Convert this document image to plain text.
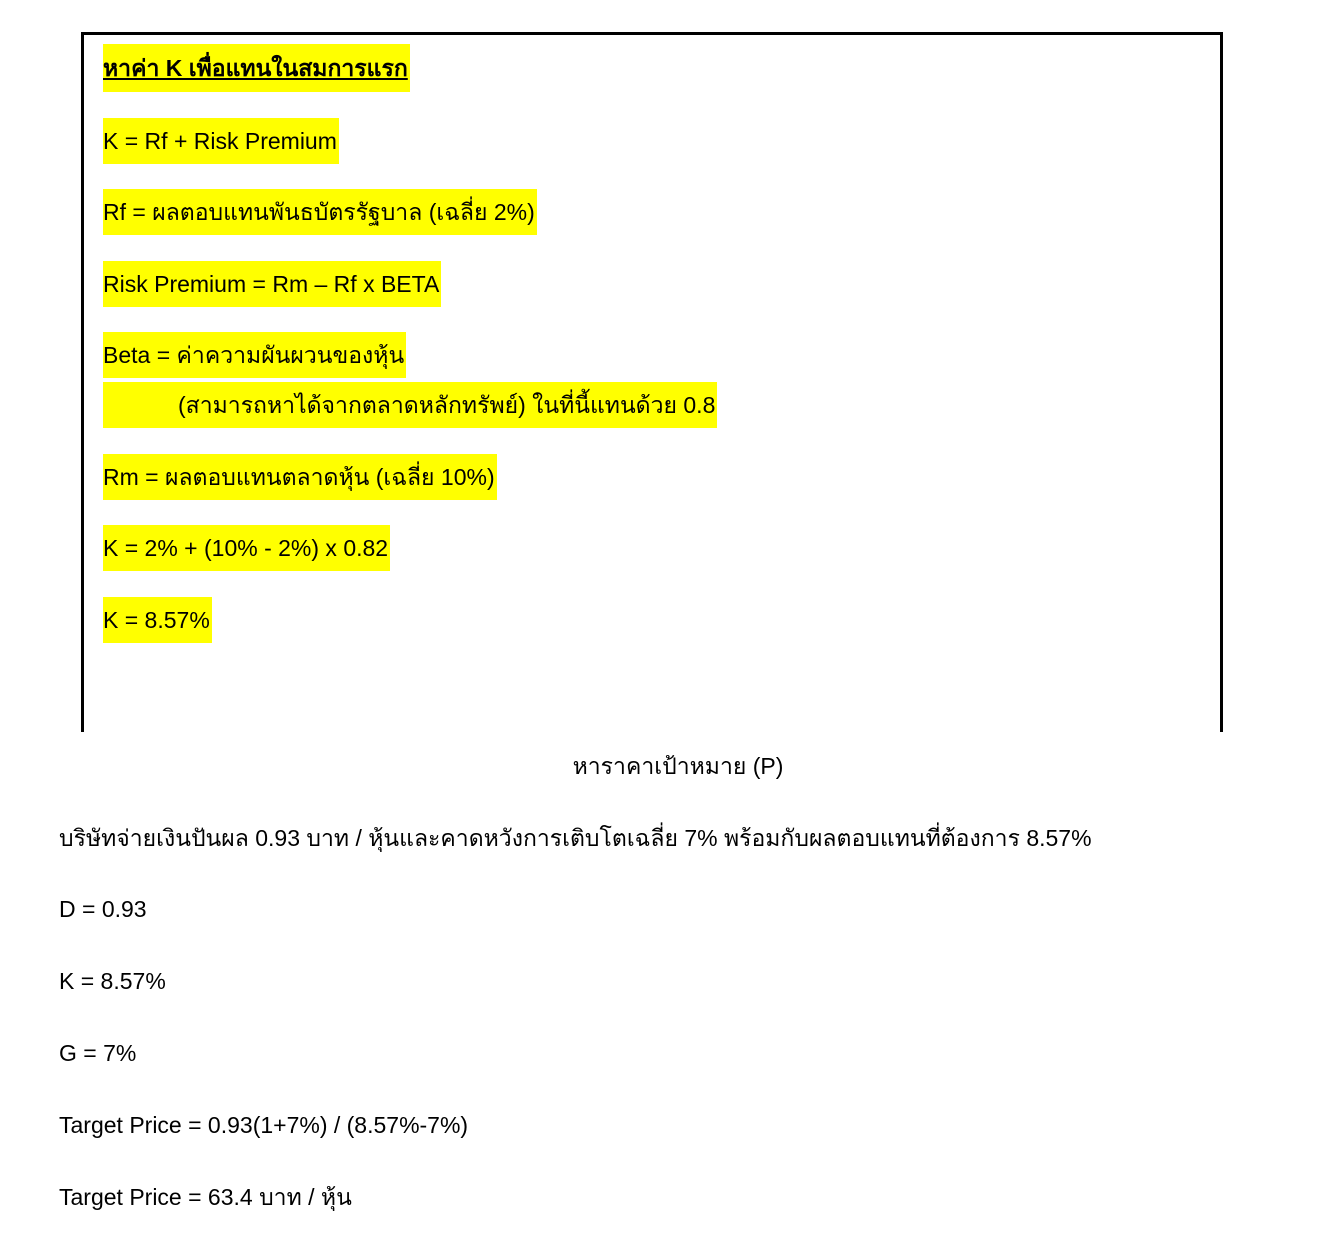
หาค่า K เพื่อแทนในสมการแรก
K = Rf + Risk Premium
Rf = ผลตอบแทนพันธบัตรรัฐบาล (เฉลี่ย 2%)
Risk Premium = Rm – Rf x BETA
Beta = ค่าความผันผวนของหุ้น
(สามารถหาได้จากตลาดหลักทรัพย์) ในที่นี้แทนด้วย 0.8
Rm = ผลตอบแทนตลาดหุ้น (เฉลี่ย 10%)
K = 2% + (10% - 2%) x 0.82
K = 8.57%
หาราคาเป้าหมาย (P)
บริษัทจ่ายเงินปันผล 0.93 บาท / หุ้นและคาดหวังการเติบโตเฉลี่ย 7% พร้อมกับผลตอบแทนที่ต้องการ 8.57%
D = 0.93
K = 8.57%
G = 7%
Target Price = 0.93(1+7%) / (8.57%-7%)
Target Price = 63.4 บาท / หุ้น
